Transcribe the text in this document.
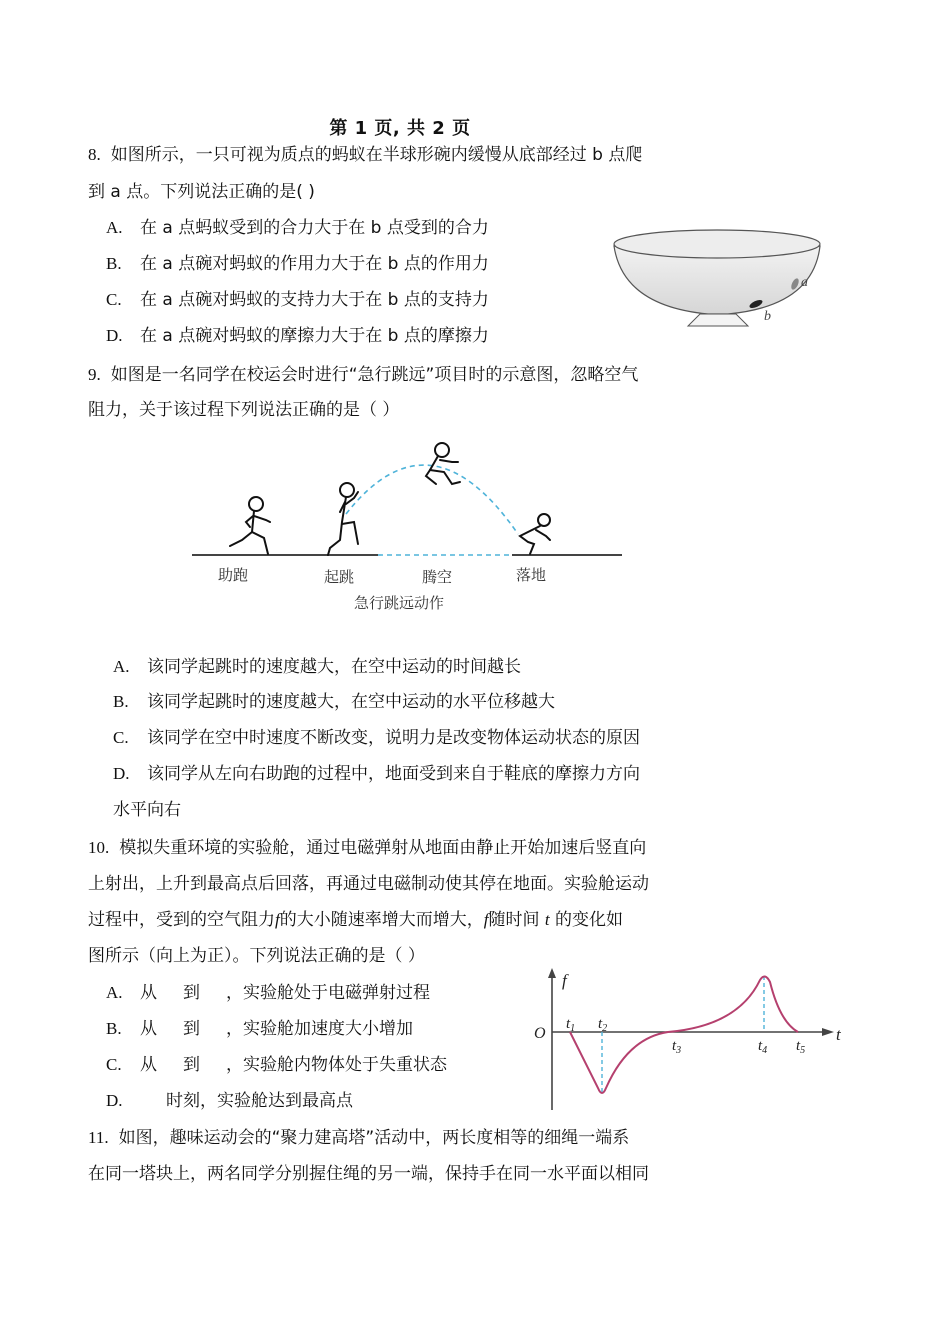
第 1 页, 共 2 页
8. 如图所示，一只可视为质点的蚂蚁在半球形碗内缓慢从底部经过 b 点爬
到 a 点。下列说法正确的是( )
A. 在 a 点蚂蚁受到的合力大于在 b 点受到的合力
B. 在 a 点碗对蚂蚁的作用力大于在 b 点的作用力
C. 在 a 点碗对蚂蚁的支持力大于在 b 点的支持力
D. 在 a 点碗对蚂蚁的摩擦力大于在 b 点的摩擦力
a
b
9. 如图是一名同学在校运会时进行“急行跳远”项目时的示意图，忽略空气
阻力，关于该过程下列说法正确的是（ ）
助跑	起跳	腾空	落地
急行跳远动作
A. 该同学起跳时的速度越大，在空中运动的时间越长
B. 该同学起跳时的速度越大，在空中运动的水平位移越大
C. 该同学在空中时速度不断改变，说明力是改变物体运动状态的原因
D. 该同学从左向右助跑的过程中，地面受到来自于鞋底的摩擦力方向
水平向右
10. 模拟失重环境的实验舱，通过电磁弹射从地面由静止开始加速后竖直向
上射出，上升到最高点后回落，再通过电磁制动使其停在地面。实验舱运动
过程中，受到的空气阻力f的大小随速率增大而增大，f随时间 t 的变化如
图所示（向上为正）。下列说法正确的是（ ）
A. 从 到 ，实验舱处于电磁弹射过程
B. 从 到 ，实验舱加速度大小增加
C. 从 到 ，实验舱内物体处于失重状态
D.	时刻，实验舱达到最高点
f
t
O
$t_1$ $t_2$
$t_3$	$t_4$ $t_5$
11. 如图，趣味运动会的“聚力建高塔”活动中，两长度相等的细绳一端系
在同一塔块上，两名同学分别握住绳的另一端，保持手在同一水平面以相同
